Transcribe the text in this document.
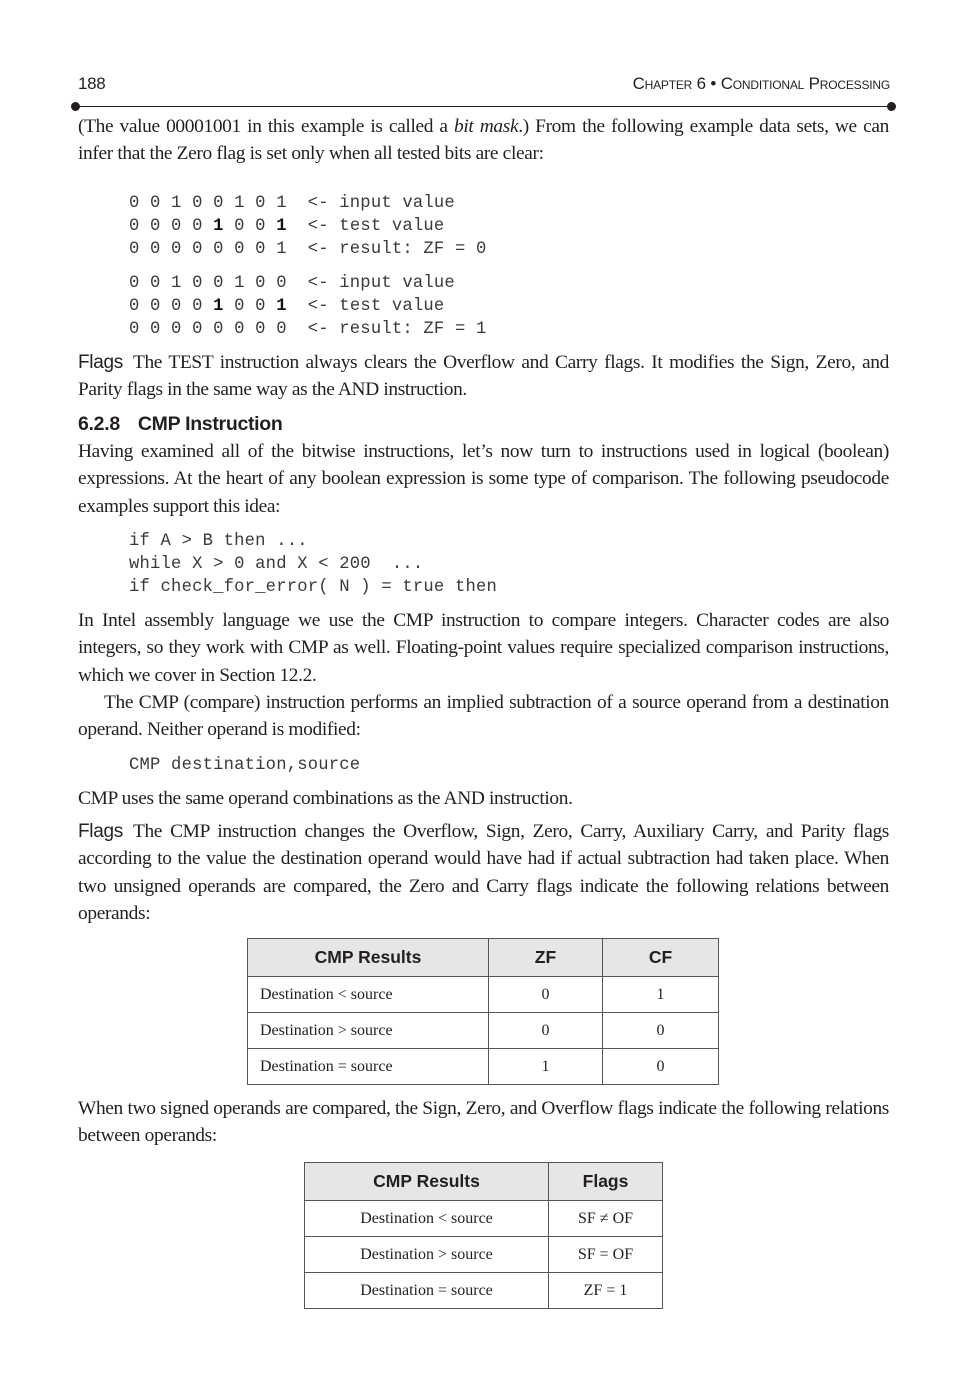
188	Chapter 6 • Conditional Processing

(The value 00001001 in this example is called a bit mask.) From the following example data sets, we can infer that the Zero flag is set only when all tested bits are clear:

0 0 1 0 0 1 0 1  <- input value
0 0 0 0 1 0 0 1  <- test value
0 0 0 0 0 0 0 1  <- result: ZF = 0
0 0 1 0 0 1 0 0  <- input value
0 0 0 0 1 0 0 1  <- test value
0 0 0 0 0 0 0 0  <- result: ZF = 1

Flags The TEST instruction always clears the Overflow and Carry flags. It modifies the Sign, Zero, and Parity flags in the same way as the AND instruction.

6.2.8 CMP Instruction

Having examined all of the bitwise instructions, let’s now turn to instructions used in logical (boolean) expressions. At the heart of any boolean expression is some type of comparison. The following pseudocode examples support this idea:

if A > B then ...
while X > 0 and X < 200  ...
if check_for_error( N ) = true then

In Intel assembly language we use the CMP instruction to compare integers. Character codes are also integers, so they work with CMP as well. Floating-point values require specialized comparison instructions, which we cover in Section 12.2.

The CMP (compare) instruction performs an implied subtraction of a source operand from a destination operand. Neither operand is modified:

CMP destination,source

CMP uses the same operand combinations as the AND instruction.

Flags The CMP instruction changes the Overflow, Sign, Zero, Carry, Auxiliary Carry, and Parity flags according to the value the destination operand would have had if actual subtraction had taken place. When two unsigned operands are compared, the Zero and Carry flags indicate the following relations between operands:

CMP Results	ZF	CF
Destination < source	0	1
Destination > source	0	0
Destination = source	1	0

When two signed operands are compared, the Sign, Zero, and Overflow flags indicate the following relations between operands:

CMP Results	Flags
Destination < source	SF ≠ OF
Destination > source	SF = OF
Destination = source	ZF = 1
